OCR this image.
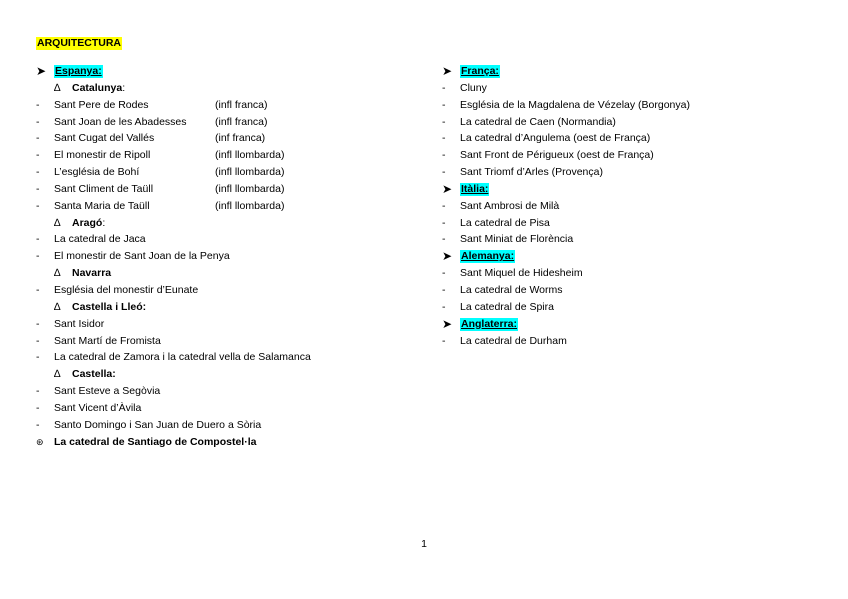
ARQUITECTURA
➤ Espanya:
∆	Catalunya:
-	Sant Pere de Rodes	(infl franca)
-	Sant Joan de les Abadesses	(infl franca)
-	Sant Cugat del Vallés	(inf franca)
-	El monestir de Ripoll	(infl llombarda)
-	L’església de Bohí	(infl llombarda)
-	Sant Climent de Taüll	(infl llombarda)
-	Santa Maria de Taüll	(infl llombarda)
∆	Aragó:
-	La catedral de Jaca
-	El monestir de Sant Joan de la Penya
∆	Navarra
-	Església del monestir d’Eunate
∆	Castella i Lleó:
-	Sant Isidor
-	Sant Martí de Fromista
-	La catedral de Zamora i la catedral vella de Salamanca
∆	Castella:
-	Sant Esteve a Segòvia
-	Sant Vicent d’Àvila
-	Santo Domingo i San Juan de Duero a Sòria
⊛ La catedral de Santiago de Compostel·la
➤ França:
-	Cluny
-	Església de la Magdalena de Vézelay (Borgonya)
-	La catedral de Caen (Normandia)
-	La catedral d’Angulema (oest de França)
-	Sant Front de Périgueux (oest de França)
-	Sant Triomf d’Arles (Provença)
➤ Itàlia:
-	Sant Ambrosi de Milà
-	La catedral de Pisa
-	Sant Miniat de Florència
➤ Alemanya:
-	Sant Miquel de Hidesheim
-	La catedral de Worms
-	La catedral de Spira
➤ Anglaterra:
-	La catedral de Durham
1
